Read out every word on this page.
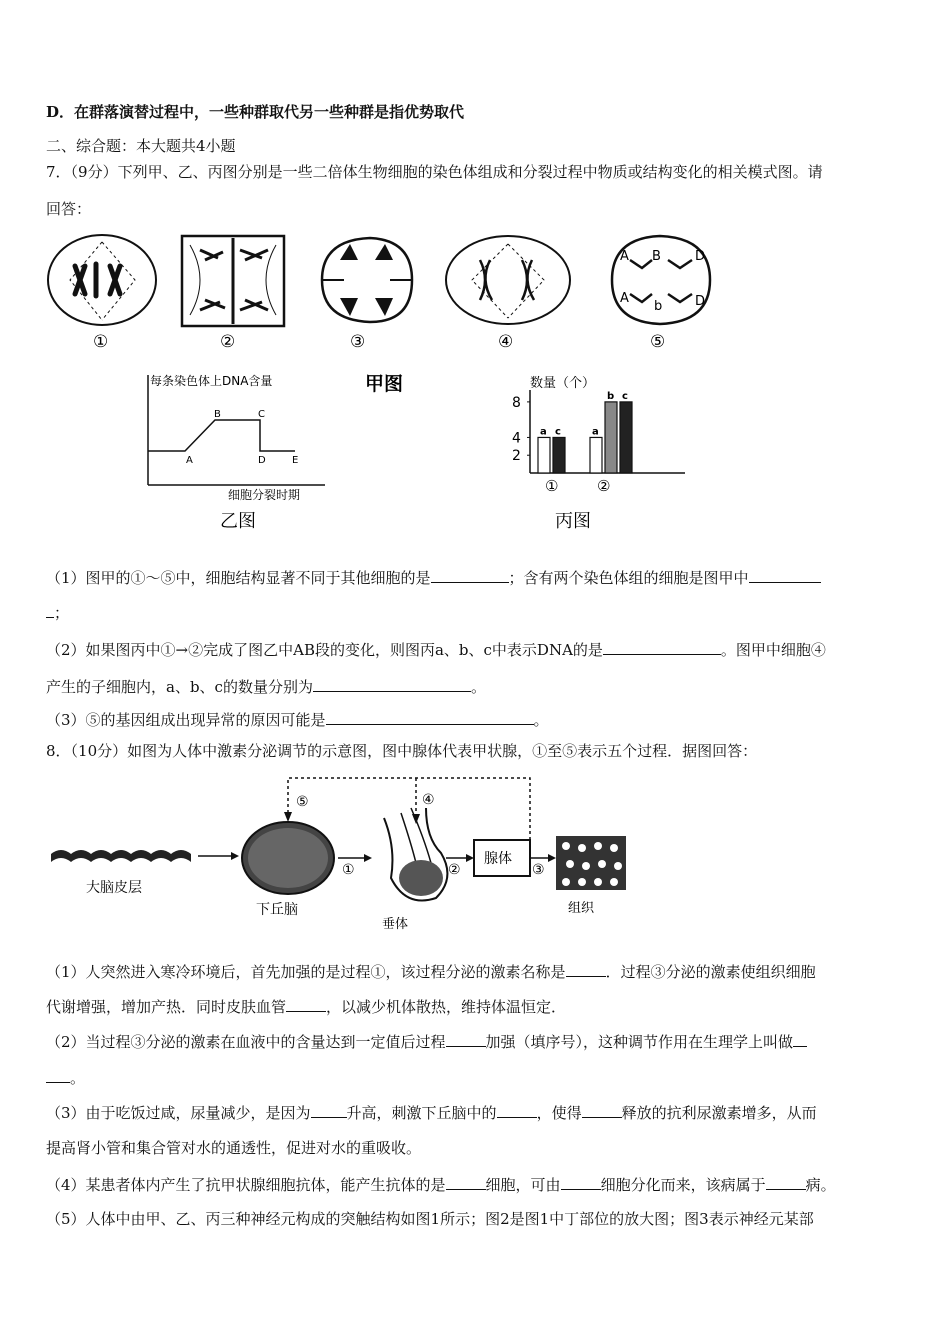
D．在群落演替过程中，一些种群取代另一些种群是指优势取代
二、综合题：本大题共4小题
7．（9分）下列甲、乙、丙图分别是一些二倍体生物细胞的染色体组成和分裂过程中物质或结构变化的相关模式图。请
回答：
①	②	③	④
A B	D
A
b	D
⑤
甲图
每条染色体上DNA含量
A
B	C
D	E
细胞分裂时期
乙图
数量（个）
8
4
2
a c	a
b c
①	②
丙图
（1）图甲的①～⑤中，细胞结构显著不同于其他细胞的是	；含有两个染色体组的细胞是图甲中
；
（2）如果图丙中①→②完成了图乙中AB段的变化，则图丙a、b、c中表示DNA的是	。图甲中细胞④
产生的子细胞内，a、b、c的数量分别为	。
（3）⑤的基因组成出现异常的原因可能是	。
8．（10分）如图为人体中激素分泌调节的示意图，图中腺体代表甲状腺，①至⑤表示五个过程．据图回答：
大脑皮层
下丘脑
①
垂体
②
腺体
③
组织
⑤	④
（1）人突然进入寒冷环境后，首先加强的是过程①，该过程分泌的激素名称是	．过程③分泌的激素使组织细胞
代谢增强，增加产热．同时皮肤血管	，以减少机体散热，维持体温恒定．
（2）当过程③分泌的激素在血液中的含量达到一定值后过程	加强（填序号），这种调节作用在生理学上叫做
。
（3）由于吃饭过咸，尿量减少，是因为 升高，刺激下丘脑中的	，使得	释放的抗利尿激素增多，从而
提高肾小管和集合管对水的通透性，促进对水的重吸收。
（4）某患者体内产生了抗甲状腺细胞抗体，能产生抗体的是	细胞，可由	细胞分化而来，该病属于	病。
（5）人体中由甲、乙、丙三种神经元构成的突触结构如图1所示；图2是图1中丁部位的放大图；图3表示神经元某部
